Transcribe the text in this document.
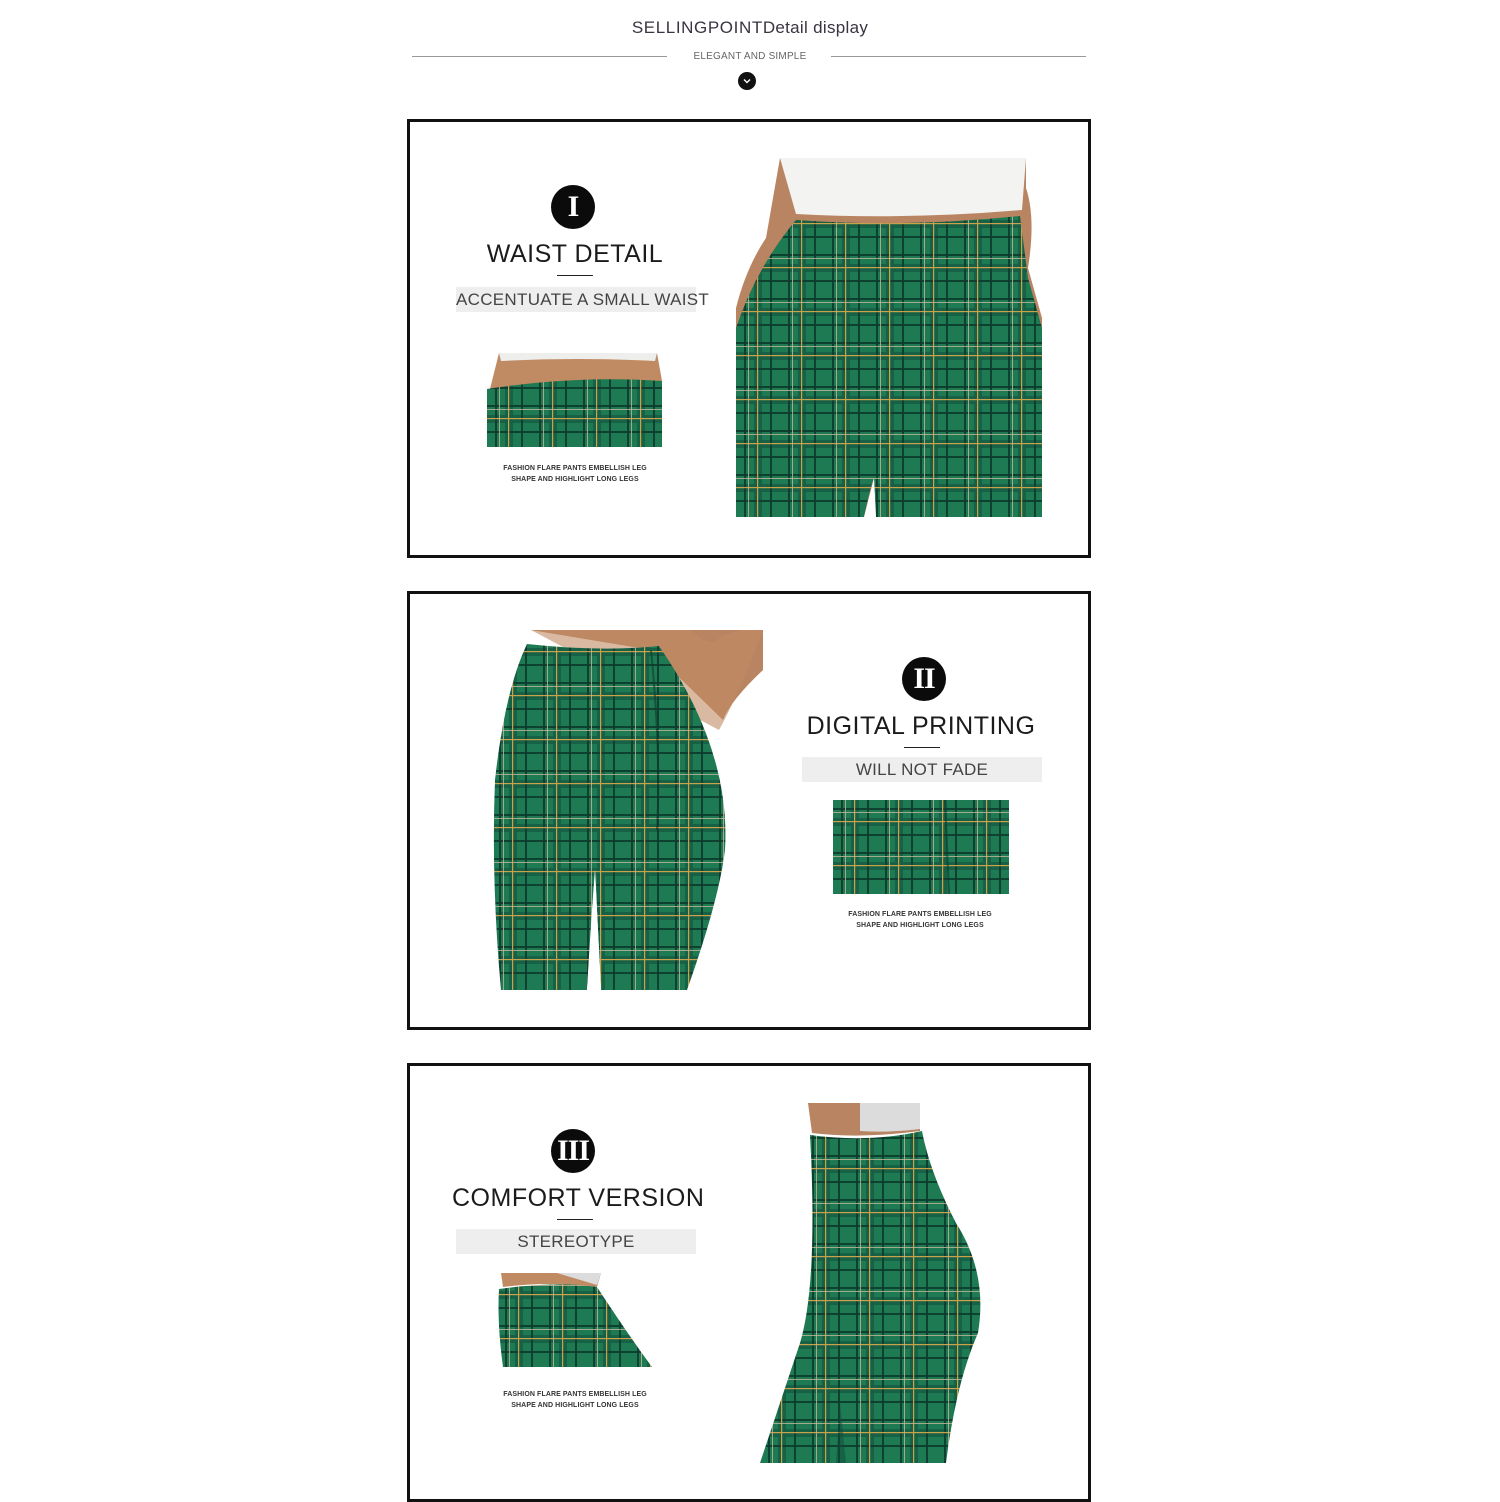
SELLINGPOINTDetail display
ELEGANT AND SIMPLE
I
WAIST DETAIL
ACCENTUATE A SMALL WAIST
FASHION FLARE PANTS EMBELLISH LEG
SHAPE AND HIGHLIGHT LONG LEGS
II
DIGITAL PRINTING
WILL NOT FADE
FASHION FLARE PANTS EMBELLISH LEG
SHAPE AND HIGHLIGHT LONG LEGS
III
COMFORT VERSION
STEREOTYPE
FASHION FLARE PANTS EMBELLISH LEG
SHAPE AND HIGHLIGHT LONG LEGS
